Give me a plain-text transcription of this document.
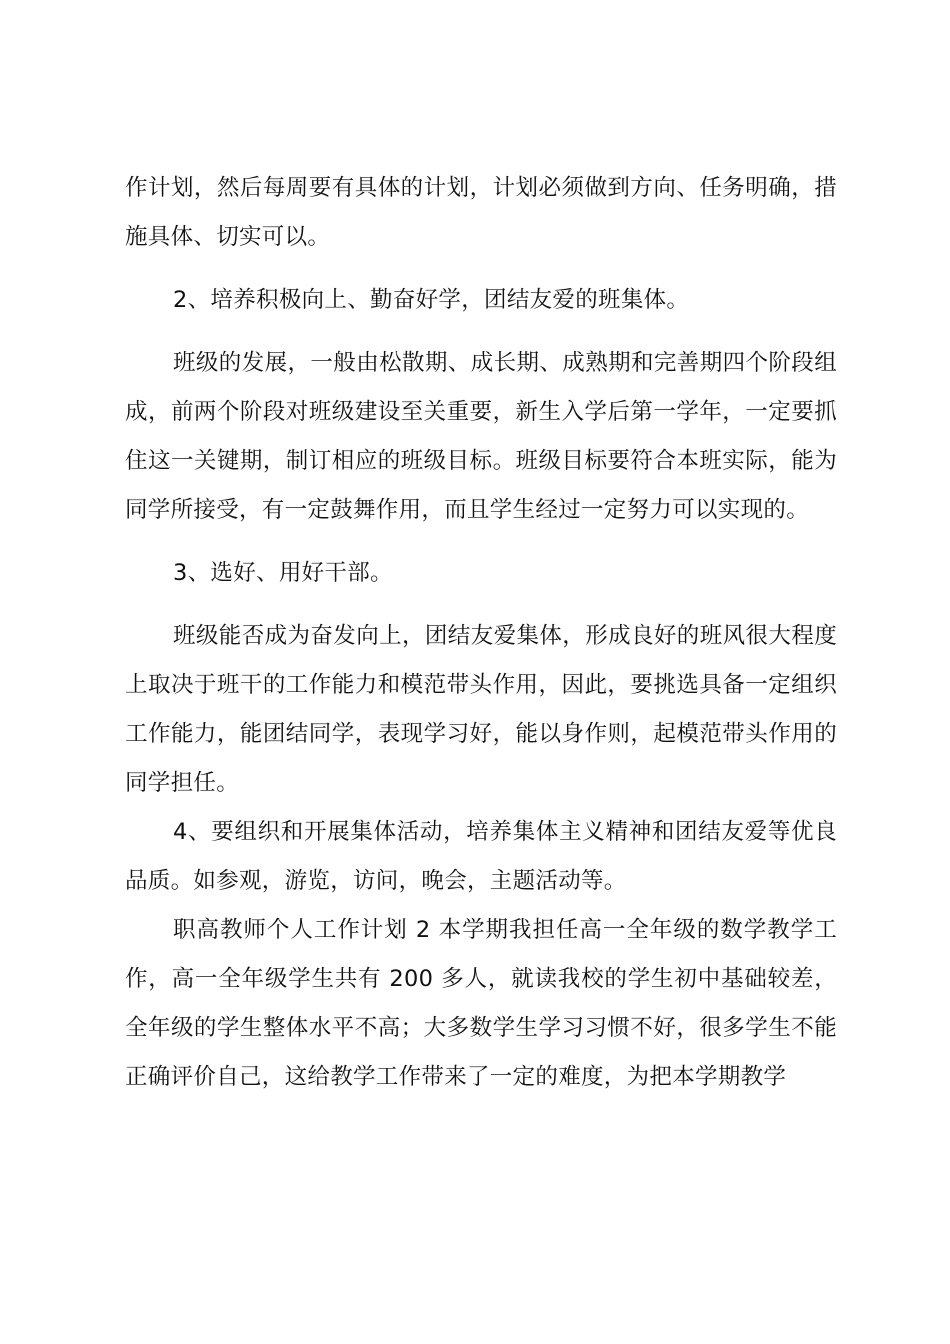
作计划，然后每周要有具体的计划，计划必须做到方向、任务明确，措施具体、切实可以。

2、培养积极向上、勤奋好学，团结友爱的班集体。

班级的发展，一般由松散期、成长期、成熟期和完善期四个阶段组成，前两个阶段对班级建设至关重要，新生入学后第一学年，一定要抓住这一关键期，制订相应的班级目标。班级目标要符合本班实际，能为同学所接受，有一定鼓舞作用，而且学生经过一定努力可以实现的。

3、选好、用好干部。

班级能否成为奋发向上，团结友爱集体，形成良好的班风很大程度上取决于班干的工作能力和模范带头作用，因此，要挑选具备一定组织工作能力，能团结同学，表现学习好，能以身作则，起模范带头作用的同学担任。

4、要组织和开展集体活动，培养集体主义精神和团结友爱等优良品质。如参观，游览，访问，晚会，主题活动等。

职高教师个人工作计划 2 本学期我担任高一全年级的数学教学工作，高一全年级学生共有 200 多人，就读我校的学生初中基础较差，全年级的学生整体水平不高；大多数学生学习习惯不好，很多学生不能正确评价自己，这给教学工作带来了一定的难度，为把本学期教学
